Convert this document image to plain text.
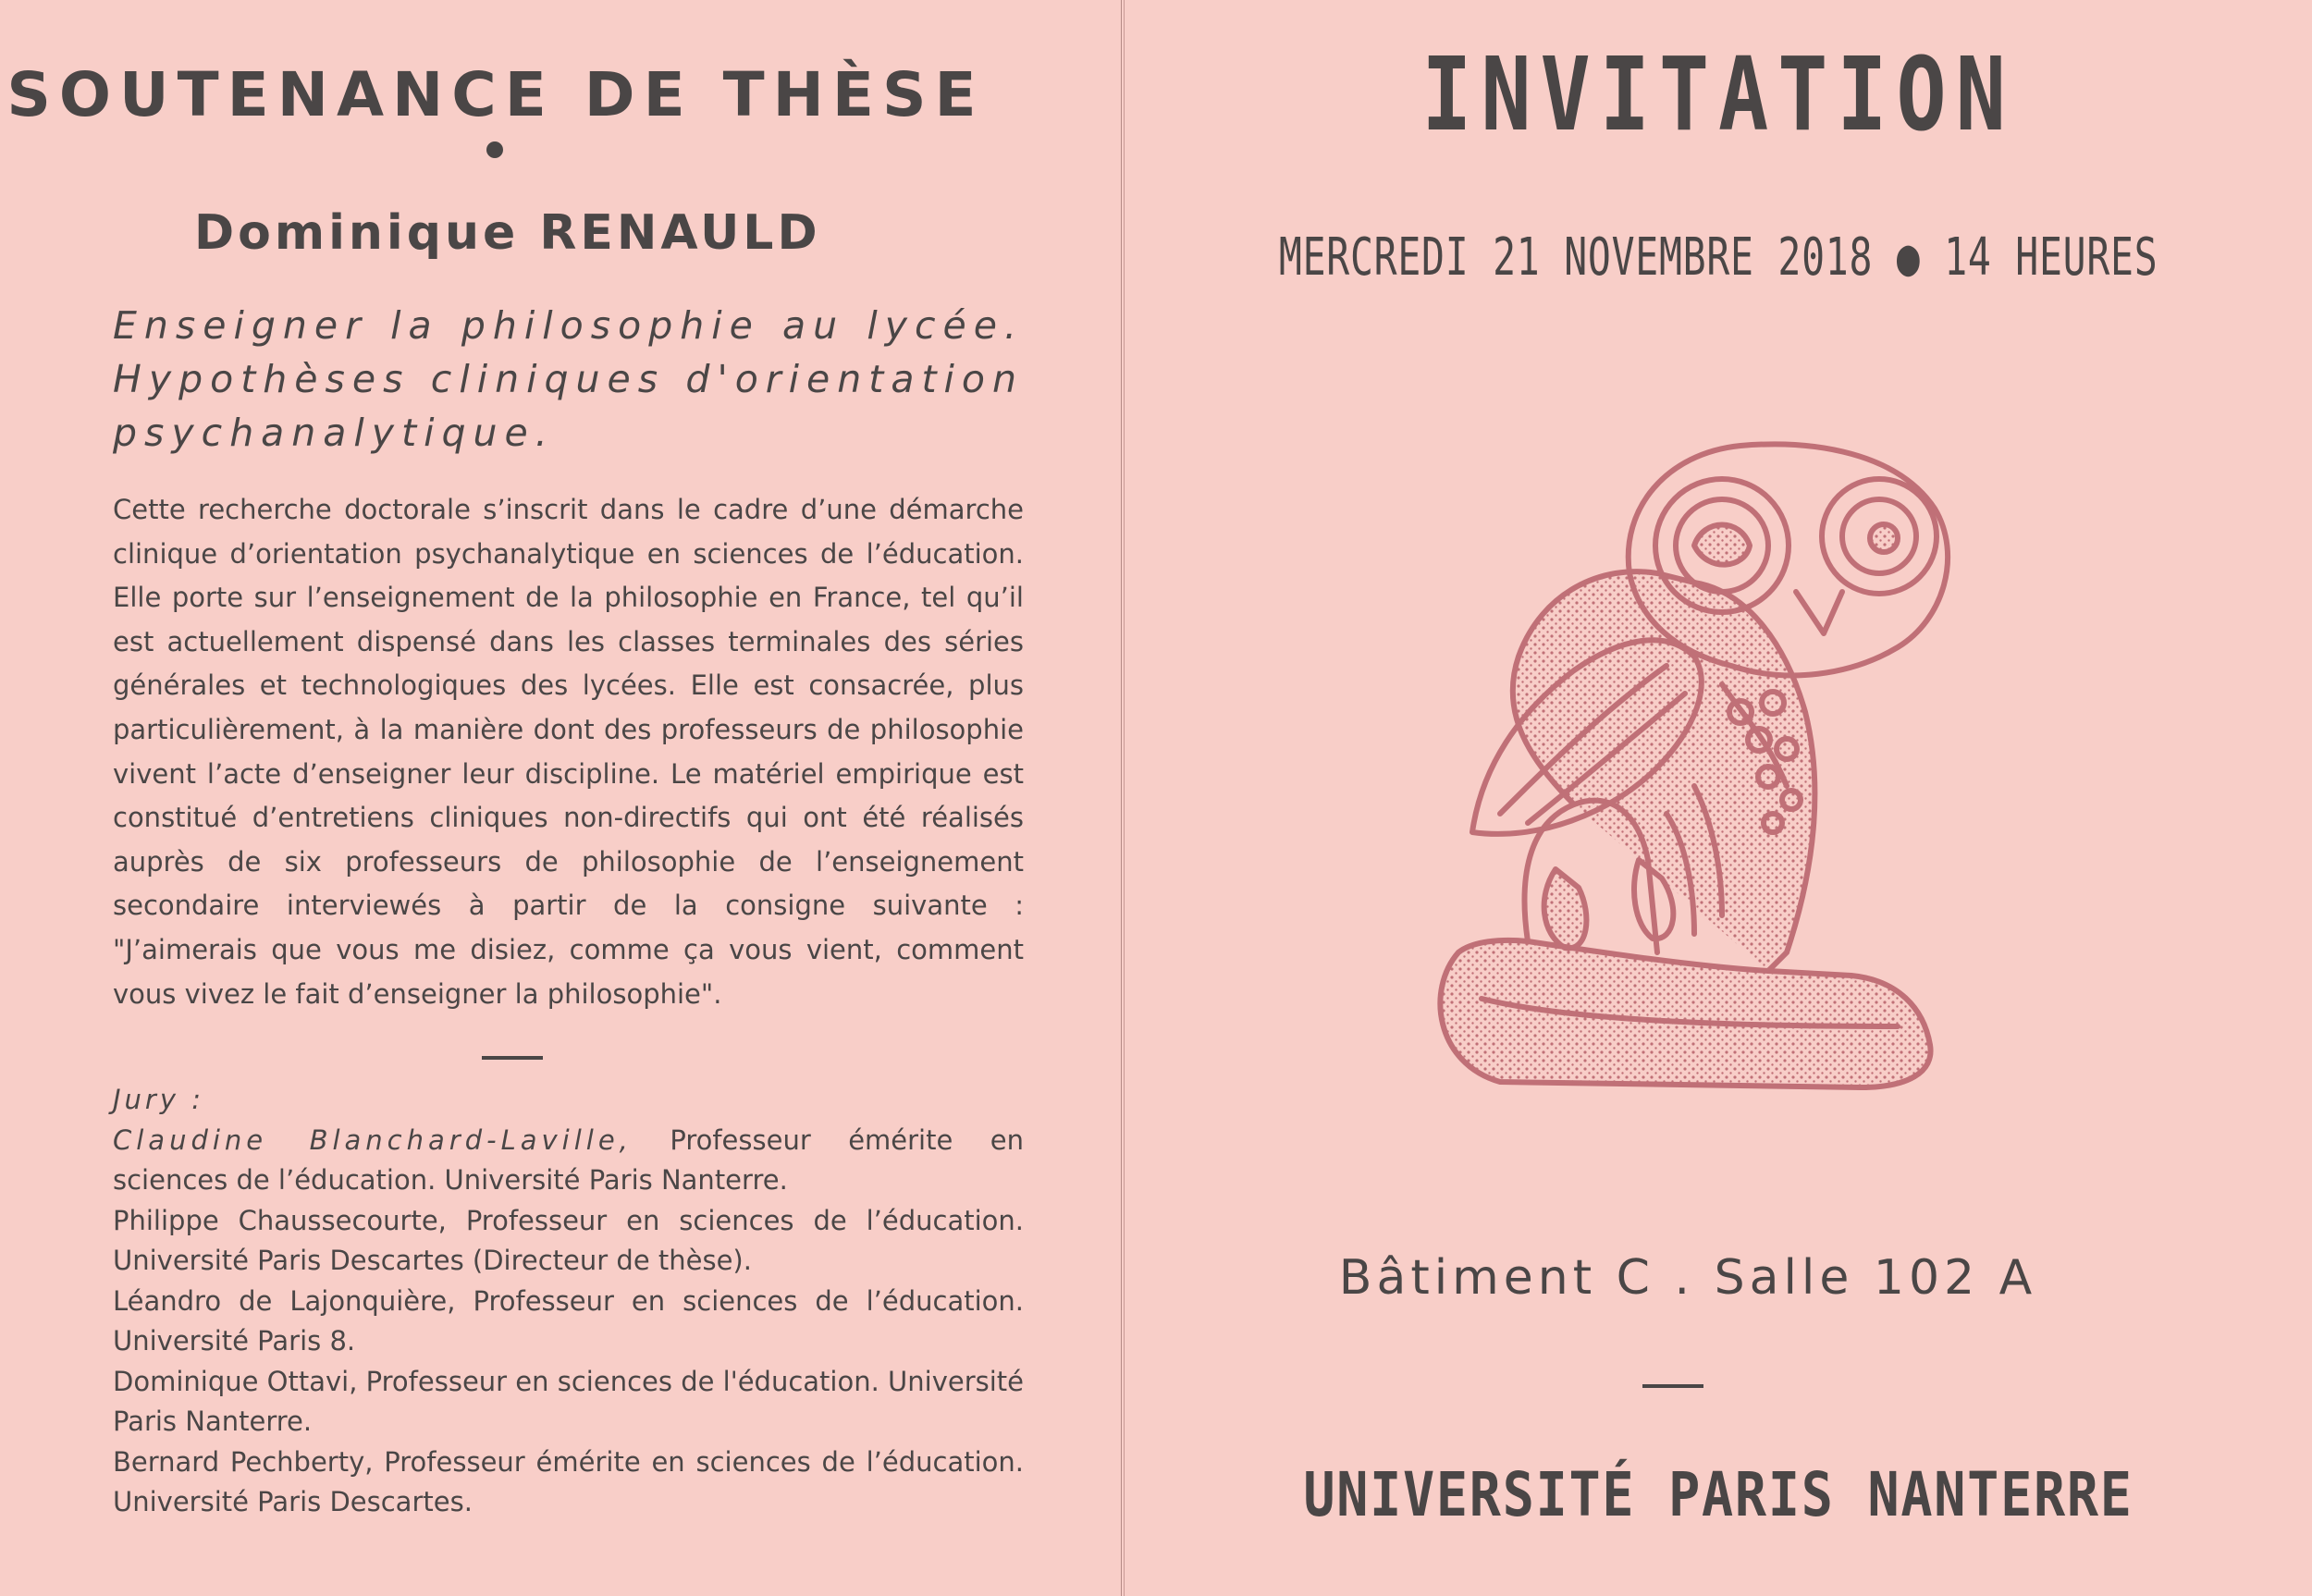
SOUTENANCE DE THÈSE
Dominique RENAULD
Enseigner la philosophie au lycée. Hypothèses cliniques d'orientation psychanalytique.

Cette recherche doctorale s’inscrit dans le cadre d’une démarche clinique d’orientation psychanalytique en sciences de l’éducation. Elle porte sur l’enseignement de la philosophie en France, tel qu’il est actuellement dispensé dans les classes terminales des séries générales et technologiques des lycées. Elle est consacrée, plus particulièrement, à la manière dont des professeurs de philosophie vivent l’acte d’enseigner leur discipline. Le matériel empirique est constitué d’entretiens cliniques non-directifs qui ont été réalisés auprès de six professeurs de philosophie de l’enseignement secondaire interviewés à partir de la consigne suivante : "J’aimerais que vous me disiez, comme ça vous vient, comment vous vivez le fait d’enseigner la philosophie".

Jury :
Claudine Blanchard-Laville, Professeur émérite en sciences de l’éducation. Université Paris Nanterre.
Philippe Chaussecourte, Professeur en sciences de l’éducation. Université Paris Descartes (Directeur de thèse).
Léandro de Lajonquière, Professeur en sciences de l’éducation. Université Paris 8.
Dominique Ottavi, Professeur en sciences de l'éducation. Université Paris Nanterre.
Bernard Pechberty, Professeur émérite en sciences de l’éducation. Université Paris Descartes.
INVITATION
MERCREDI 21 NOVEMBRE 2018 ● 14 HEURES
Bâtiment C . Salle 102 A
UNIVERSITÉ PARIS NANTERRE
